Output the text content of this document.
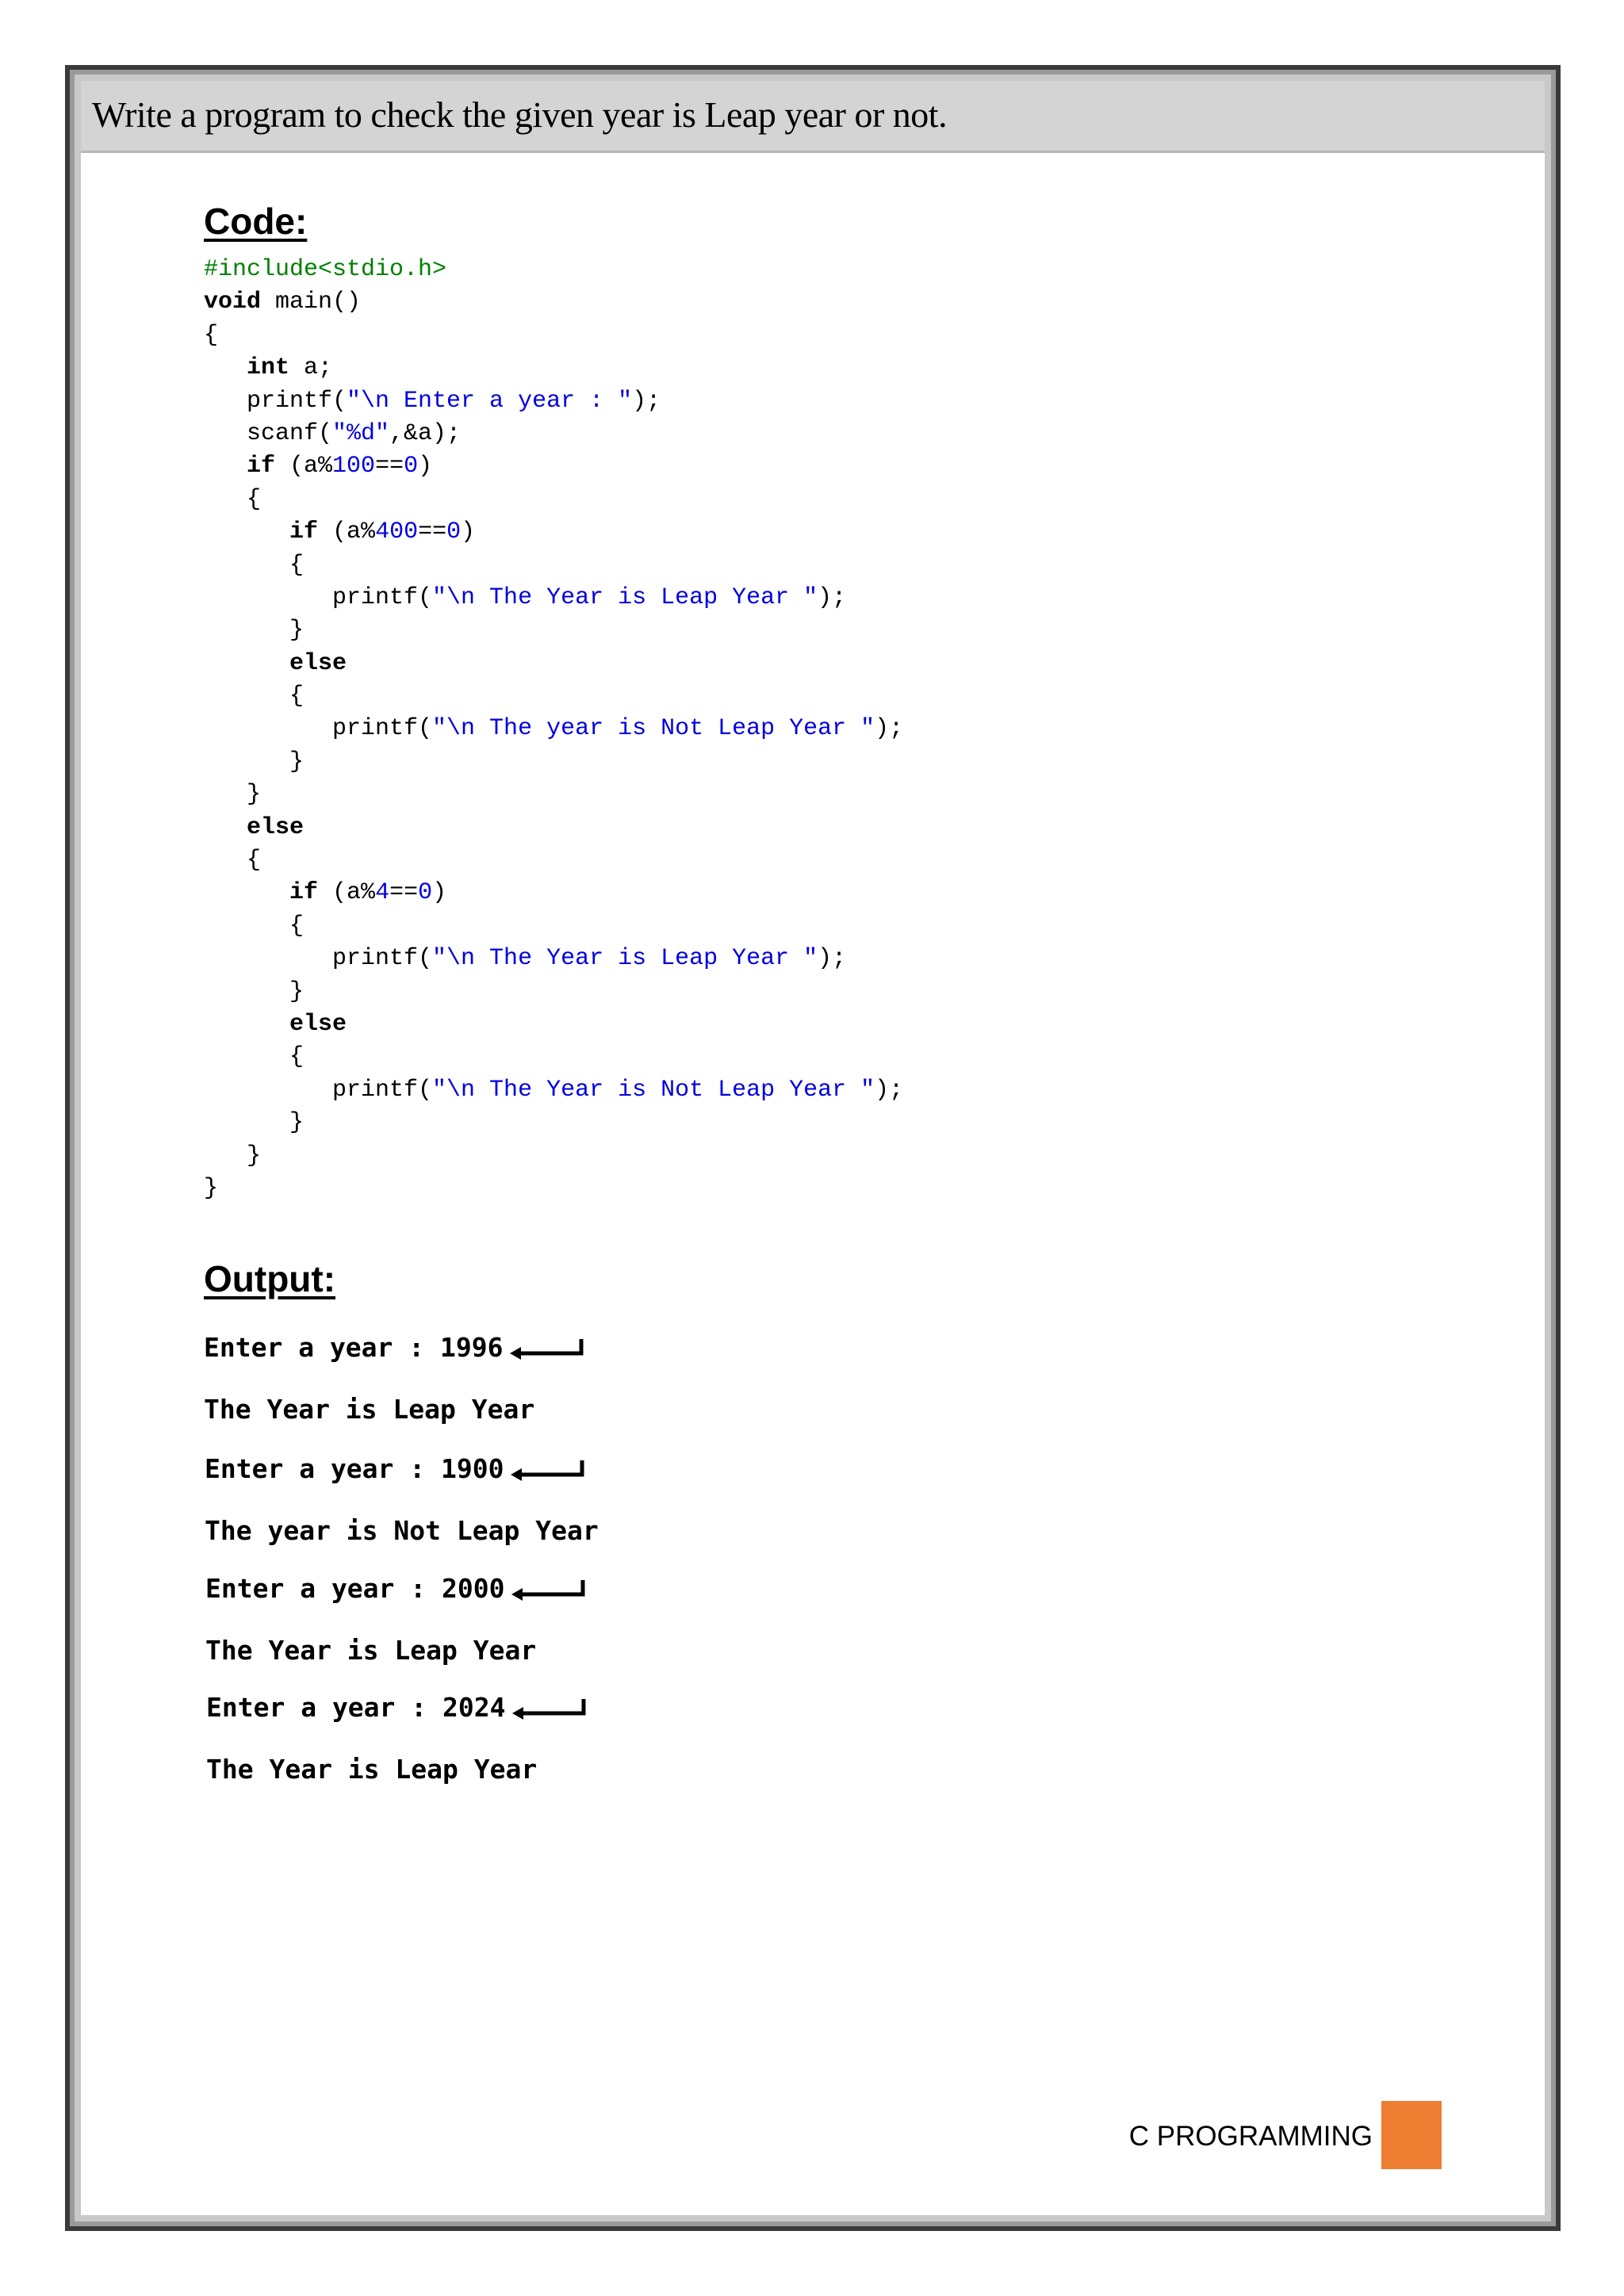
Write a program to check the given year is Leap year or not.
Code:
#include<stdio.h>
void main()
{
int a;
printf("\n Enter a year : ");
scanf("%d",&a);
if (a%100==0)
{
if (a%400==0)
{
printf("\n The Year is Leap Year ");
}
else
{
printf("\n The year is Not Leap Year ");
}
}
else
{
if (a%4==0)
{
printf("\n The Year is Leap Year ");
}
else
{
printf("\n The Year is Not Leap Year ");
}
}
}
Output:
Enter a year : 1996
The Year is Leap Year
Enter a year : 1900
The year is Not Leap Year
Enter a year : 2000
The Year is Leap Year
Enter a year : 2024
The Year is Leap Year
C PROGRAMMING
